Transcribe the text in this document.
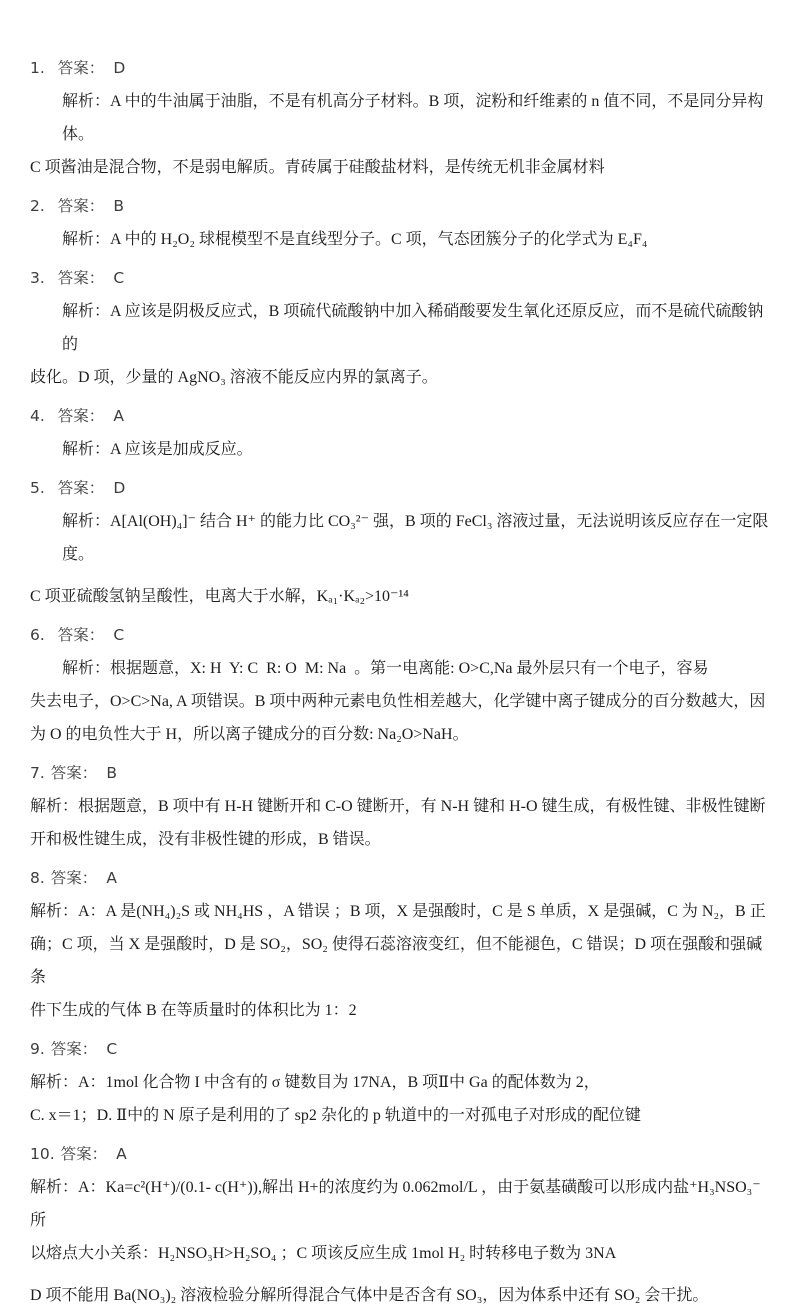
1. 答案： D
解析：A 中的牛油属于油脂，不是有机高分子材料。B 项，淀粉和纤维素的 n 值不同，不是同分异构体。
C 项酱油是混合物，不是弱电解质。青砖属于硅酸盐材料，是传统无机非金属材料
2. 答案： B
解析：A 中的 H₂O₂ 球棍模型不是直线型分子。C 项，气态团簇分子的化学式为 E₄F₄
3. 答案： C
解析：A 应该是阴极反应式，B 项硫代硫酸钠中加入稀硝酸要发生氧化还原反应，而不是硫代硫酸钠的
歧化。D 项，少量的 AgNO₃ 溶液不能反应内界的氯离子。
4. 答案： A
解析：A 应该是加成反应。
5. 答案： D
解析：A[Al(OH)₄]⁻ 结合 H⁺ 的能力比 CO₃²⁻ 强，B 项的 FeCl₃ 溶液过量，无法说明该反应存在一定限度。
C 项亚硫酸氢钠呈酸性，电离大于水解，Kₐ₁·Kₐ₂>10⁻¹⁴
6. 答案： C
解析：根据题意，X: H  Y: C  R: O  M: Na  。第一电离能: O>C,Na 最外层只有一个电子，容易
失去电子，O>C>Na, A 项错误。B 项中两种元素电负性相差越大，化学键中离子键成分的百分数越大，因
为 O 的电负性大于 H，所以离子键成分的百分数: Na₂O>NaH。
7. 答案： B
解析：根据题意，B 项中有 H-H 键断开和 C-O 键断开，有 N-H 键和 H-O 键生成，有极性键、非极性键断
开和极性键生成，没有非极性键的形成，B 错误。
8. 答案： A
解析：A：A 是(NH₄)₂S 或 NH₄HS ，A 错误 ；B 项，X 是强酸时，C 是 S 单质，X 是强碱，C 为 N₂，B 正
确；C 项，当 X 是强酸时，D 是 SO₂，SO₂ 使得石蕊溶液变红，但不能褪色，C 错误；D 项在强酸和强碱条
件下生成的气体 B 在等质量时的体积比为 1：2
9. 答案： C
解析：A：1mol 化合物 I 中含有的 σ 键数目为 17NA，B 项Ⅱ中 Ga 的配体数为 2，
C. x＝1；D. Ⅱ中的 N 原子是利用的了 sp2 杂化的 p 轨道中的一对孤电子对形成的配位键
10. 答案： A
解析：A：Ka=c²(H⁺)/(0.1- c(H⁺)),解出 H+的浓度约为 0.062mol/L ，由于氨基磺酸可以形成内盐⁺H₃NSO₃⁻所
以熔点大小关系：H₂NSO₃H>H₂SO₄ ；C 项该反应生成 1mol H₂ 时转移电子数为 3NA
D 项不能用 Ba(NO₃)₂ 溶液检验分解所得混合气体中是否含有 SO₃，因为体系中还有 SO₂ 会干扰。
